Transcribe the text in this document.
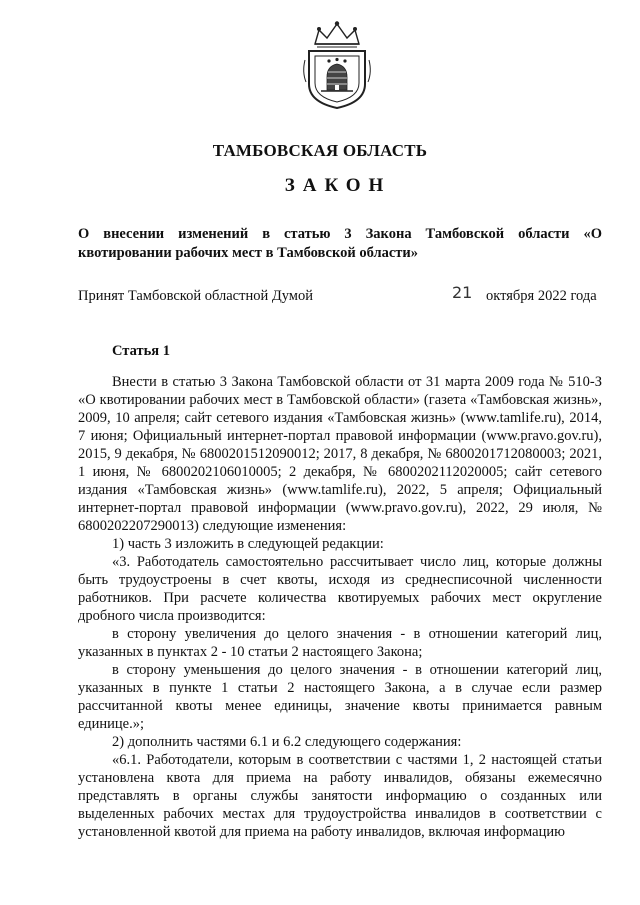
ТАМБОВСКАЯ ОБЛАСТЬ
ЗАКОН
О внесении изменений в статью 3 Закона Тамбовской области «О квотировании рабочих мест в Тамбовской области»
Принят Тамбовской областной Думой	21 октября 2022 года
Статья 1

Внести в статью 3 Закона Тамбовской области от 31 марта 2009 года № 510-З «О квотировании рабочих мест в Тамбовской области» (газета «Тамбовская жизнь», 2009, 10 апреля; сайт сетевого издания «Тамбовская жизнь» (www.tamlife.ru), 2014, 7 июня; Официальный интернет-портал правовой информации (www.pravo.gov.ru), 2015, 9 декабря, № 6800201512090012; 2017, 8 декабря, № 6800201712080003; 2021, 1 июня, № 6800202106010005; 2 декабря, № 6800202112020005; сайт сетевого издания «Тамбовская жизнь» (www.tamlife.ru), 2022, 5 апреля; Официальный интернет-портал правовой информации (www.pravo.gov.ru), 2022, 29 июля, № 6800202207290013) следующие изменения:

1) часть 3 изложить в следующей редакции:

«3. Работодатель самостоятельно рассчитывает число лиц, которые должны быть трудоустроены в счет квоты, исходя из среднесписочной численности работников. При расчете количества квотируемых рабочих мест округление дробного числа производится:

в сторону увеличения до целого значения - в отношении категорий лиц, указанных в пунктах 2 - 10 статьи 2 настоящего Закона;

в сторону уменьшения до целого значения - в отношении категорий лиц, указанных в пункте 1 статьи 2 настоящего Закона, а в случае если размер рассчитанной квоты менее единицы, значение квоты принимается равным единице.»;

2) дополнить частями 6.1 и 6.2 следующего содержания:

«6.1. Работодатели, которым в соответствии с частями 1, 2 настоящей статьи установлена квота для приема на работу инвалидов, обязаны ежемесячно представлять в органы службы занятости информацию о созданных или выделенных рабочих местах для трудоустройства инвалидов в соответствии с установленной квотой для приема на работу инвалидов, включая информацию
